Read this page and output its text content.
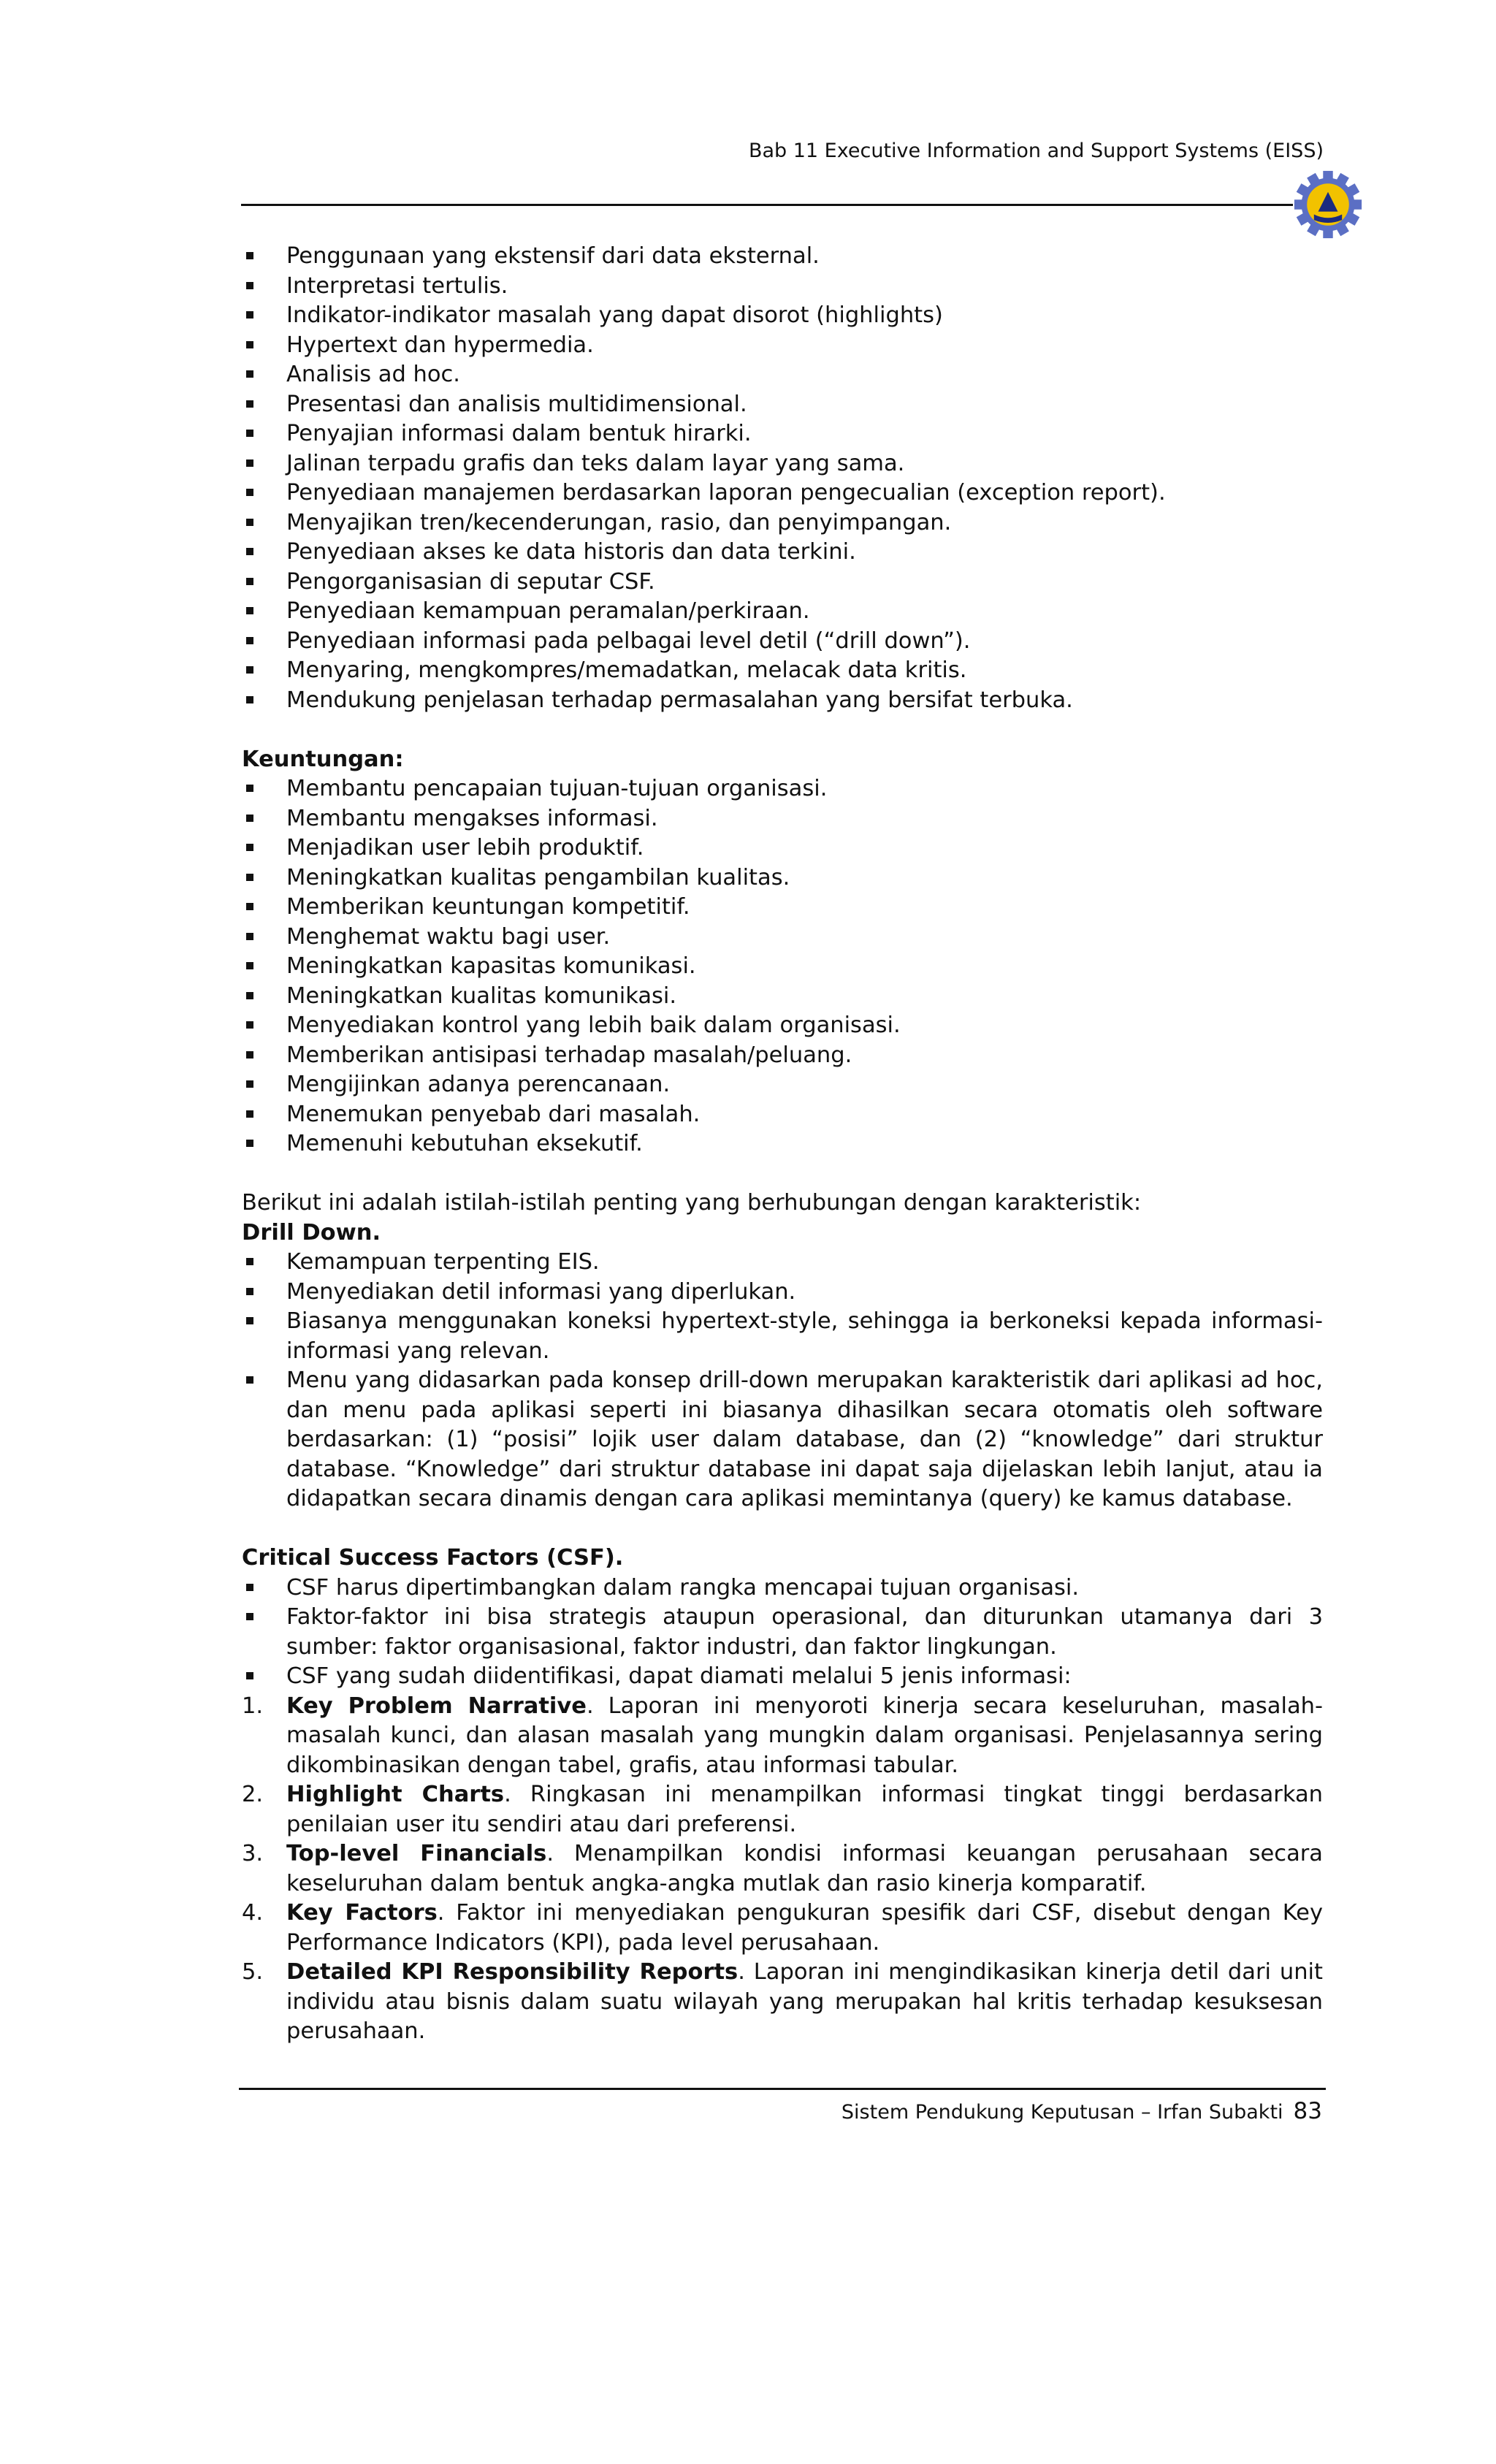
Bab 11 Executive Information and Support Systems (EISS)
Penggunaan yang ekstensif dari data eksternal.
Interpretasi tertulis.
Indikator-indikator masalah yang dapat disorot (highlights)
Hypertext dan hypermedia.
Analisis ad hoc.
Presentasi dan analisis multidimensional.
Penyajian informasi dalam bentuk hirarki.
Jalinan terpadu grafis dan teks dalam layar yang sama.
Penyediaan manajemen berdasarkan laporan pengecualian (exception report).
Menyajikan tren/kecenderungan, rasio, dan penyimpangan.
Penyediaan akses ke data historis dan data terkini.
Pengorganisasian di seputar CSF.
Penyediaan kemampuan peramalan/perkiraan.
Penyediaan informasi pada pelbagai level detil (“drill down”).
Menyaring, mengkompres/memadatkan, melacak data kritis.
Mendukung penjelasan terhadap permasalahan yang bersifat terbuka.
Keuntungan:
Membantu pencapaian tujuan-tujuan organisasi.
Membantu mengakses informasi.
Menjadikan user lebih produktif.
Meningkatkan kualitas pengambilan kualitas.
Memberikan keuntungan kompetitif.
Menghemat waktu bagi user.
Meningkatkan kapasitas komunikasi.
Meningkatkan kualitas komunikasi.
Menyediakan kontrol yang lebih baik dalam organisasi.
Memberikan antisipasi terhadap masalah/peluang.
Mengijinkan adanya perencanaan.
Menemukan penyebab dari masalah.
Memenuhi kebutuhan eksekutif.
Berikut ini adalah istilah-istilah penting yang berhubungan dengan karakteristik:
Drill Down.
Kemampuan terpenting EIS.
Menyediakan detil informasi yang diperlukan.
Biasanya menggunakan koneksi hypertext-style, sehingga ia berkoneksi kepada informasi-informasi yang relevan.
Menu yang didasarkan pada konsep drill-down merupakan karakteristik dari aplikasi ad hoc, dan menu pada aplikasi seperti ini biasanya dihasilkan secara otomatis oleh software berdasarkan: (1) “posisi” lojik user dalam database, dan (2) “knowledge” dari struktur database. “Knowledge” dari struktur database ini dapat saja dijelaskan lebih lanjut, atau ia didapatkan secara dinamis dengan cara aplikasi memintanya (query) ke kamus database.
Critical Success Factors (CSF).
CSF harus dipertimbangkan dalam rangka mencapai tujuan organisasi.
Faktor-faktor ini bisa strategis ataupun operasional, dan diturunkan utamanya dari 3 sumber: faktor organisasional, faktor industri, dan faktor lingkungan.
CSF yang sudah diidentifikasi, dapat diamati melalui 5 jenis informasi:
1. Key Problem Narrative. Laporan ini menyoroti kinerja secara keseluruhan, masalah-masalah kunci, dan alasan masalah yang mungkin dalam organisasi. Penjelasannya sering dikombinasikan dengan tabel, grafis, atau informasi tabular.
2. Highlight Charts. Ringkasan ini menampilkan informasi tingkat tinggi berdasarkan penilaian user itu sendiri atau dari preferensi.
3. Top-level Financials. Menampilkan kondisi informasi keuangan perusahaan secara keseluruhan dalam bentuk angka-angka mutlak dan rasio kinerja komparatif.
4. Key Factors. Faktor ini menyediakan pengukuran spesifik dari CSF, disebut dengan Key Performance Indicators (KPI), pada level perusahaan.
5. Detailed KPI Responsibility Reports. Laporan ini mengindikasikan kinerja detil dari unit individu atau bisnis dalam suatu wilayah yang merupakan hal kritis terhadap kesuksesan perusahaan.
Sistem Pendukung Keputusan – Irfan Subakti 83
